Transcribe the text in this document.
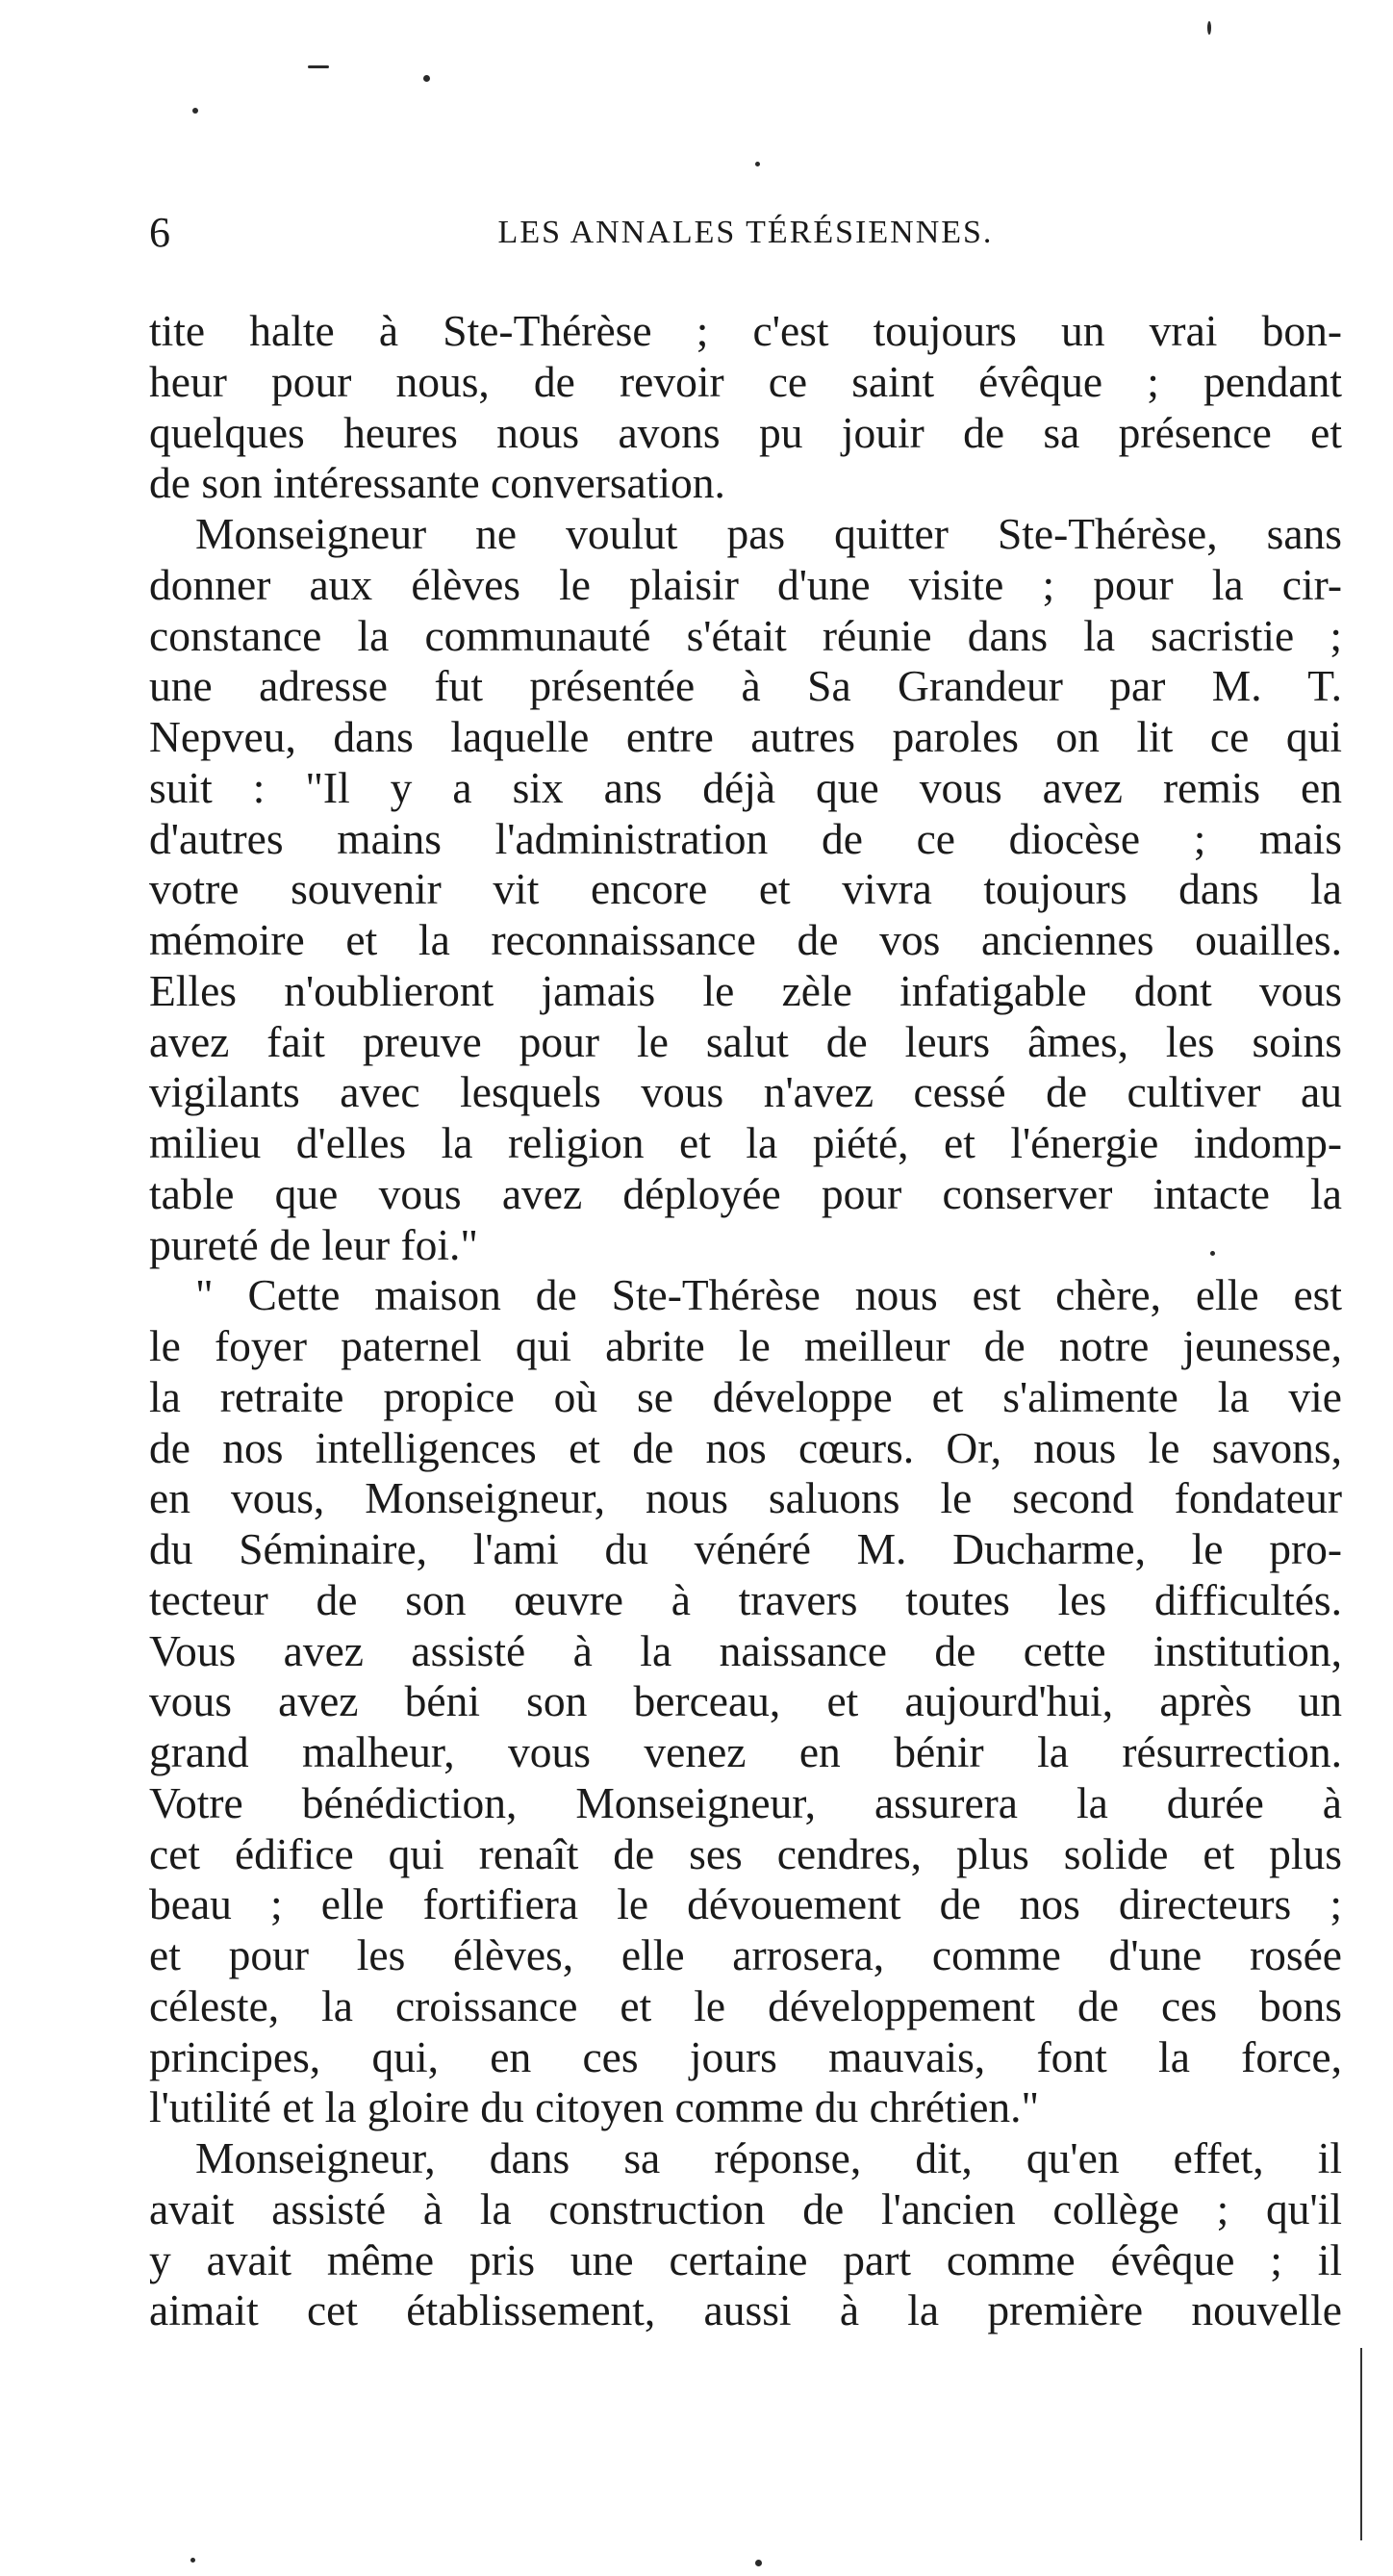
6	LES ANNALES TÉRÉSIENNES.
tite halte à Ste-Thérèse ; c'est toujours un vrai bon-
heur pour nous, de revoir ce saint évêque ; pendant
quelques heures nous avons pu jouir de sa présence et
de son intéressante conversation.
Monseigneur ne voulut pas quitter Ste-Thérèse, sans
donner aux élèves le plaisir d'une visite ; pour la cir-
constance la communauté s'était réunie dans la sacristie ;
une adresse fut présentée à Sa Grandeur par M. T.
Nepveu, dans laquelle entre autres paroles on lit ce qui
suit : "Il y a six ans déjà que vous avez remis en
d'autres mains l'administration de ce diocèse ; mais
votre souvenir vit encore et vivra toujours dans la
mémoire et la reconnaissance de vos anciennes ouailles.
Elles n'oublieront jamais le zèle infatigable dont vous
avez fait preuve pour le salut de leurs âmes, les soins
vigilants avec lesquels vous n'avez cessé de cultiver au
milieu d'elles la religion et la piété, et l'énergie indomp-
table que vous avez déployée pour conserver intacte la
pureté de leur foi."
" Cette maison de Ste-Thérèse nous est chère, elle est
le foyer paternel qui abrite le meilleur de notre jeunesse,
la retraite propice où se développe et s'alimente la vie
de nos intelligences et de nos cœurs. Or, nous le savons,
en vous, Monseigneur, nous saluons le second fondateur
du Séminaire, l'ami du vénéré M. Ducharme, le pro-
tecteur de son œuvre à travers toutes les difficultés.
Vous avez assisté à la naissance de cette institution,
vous avez béni son berceau, et aujourd'hui, après un
grand malheur, vous venez en bénir la résurrection.
Votre bénédiction, Monseigneur, assurera la durée à
cet édifice qui renaît de ses cendres, plus solide et plus
beau ; elle fortifiera le dévouement de nos directeurs ;
et pour les élèves, elle arrosera, comme d'une rosée
céleste, la croissance et le développement de ces bons
principes, qui, en ces jours mauvais, font la force,
l'utilité et la gloire du citoyen comme du chrétien."
Monseigneur, dans sa réponse, dit, qu'en effet, il
avait assisté à la construction de l'ancien collège ; qu'il
y avait même pris une certaine part comme évêque ; il
aimait cet établissement, aussi à la première nouvelle
